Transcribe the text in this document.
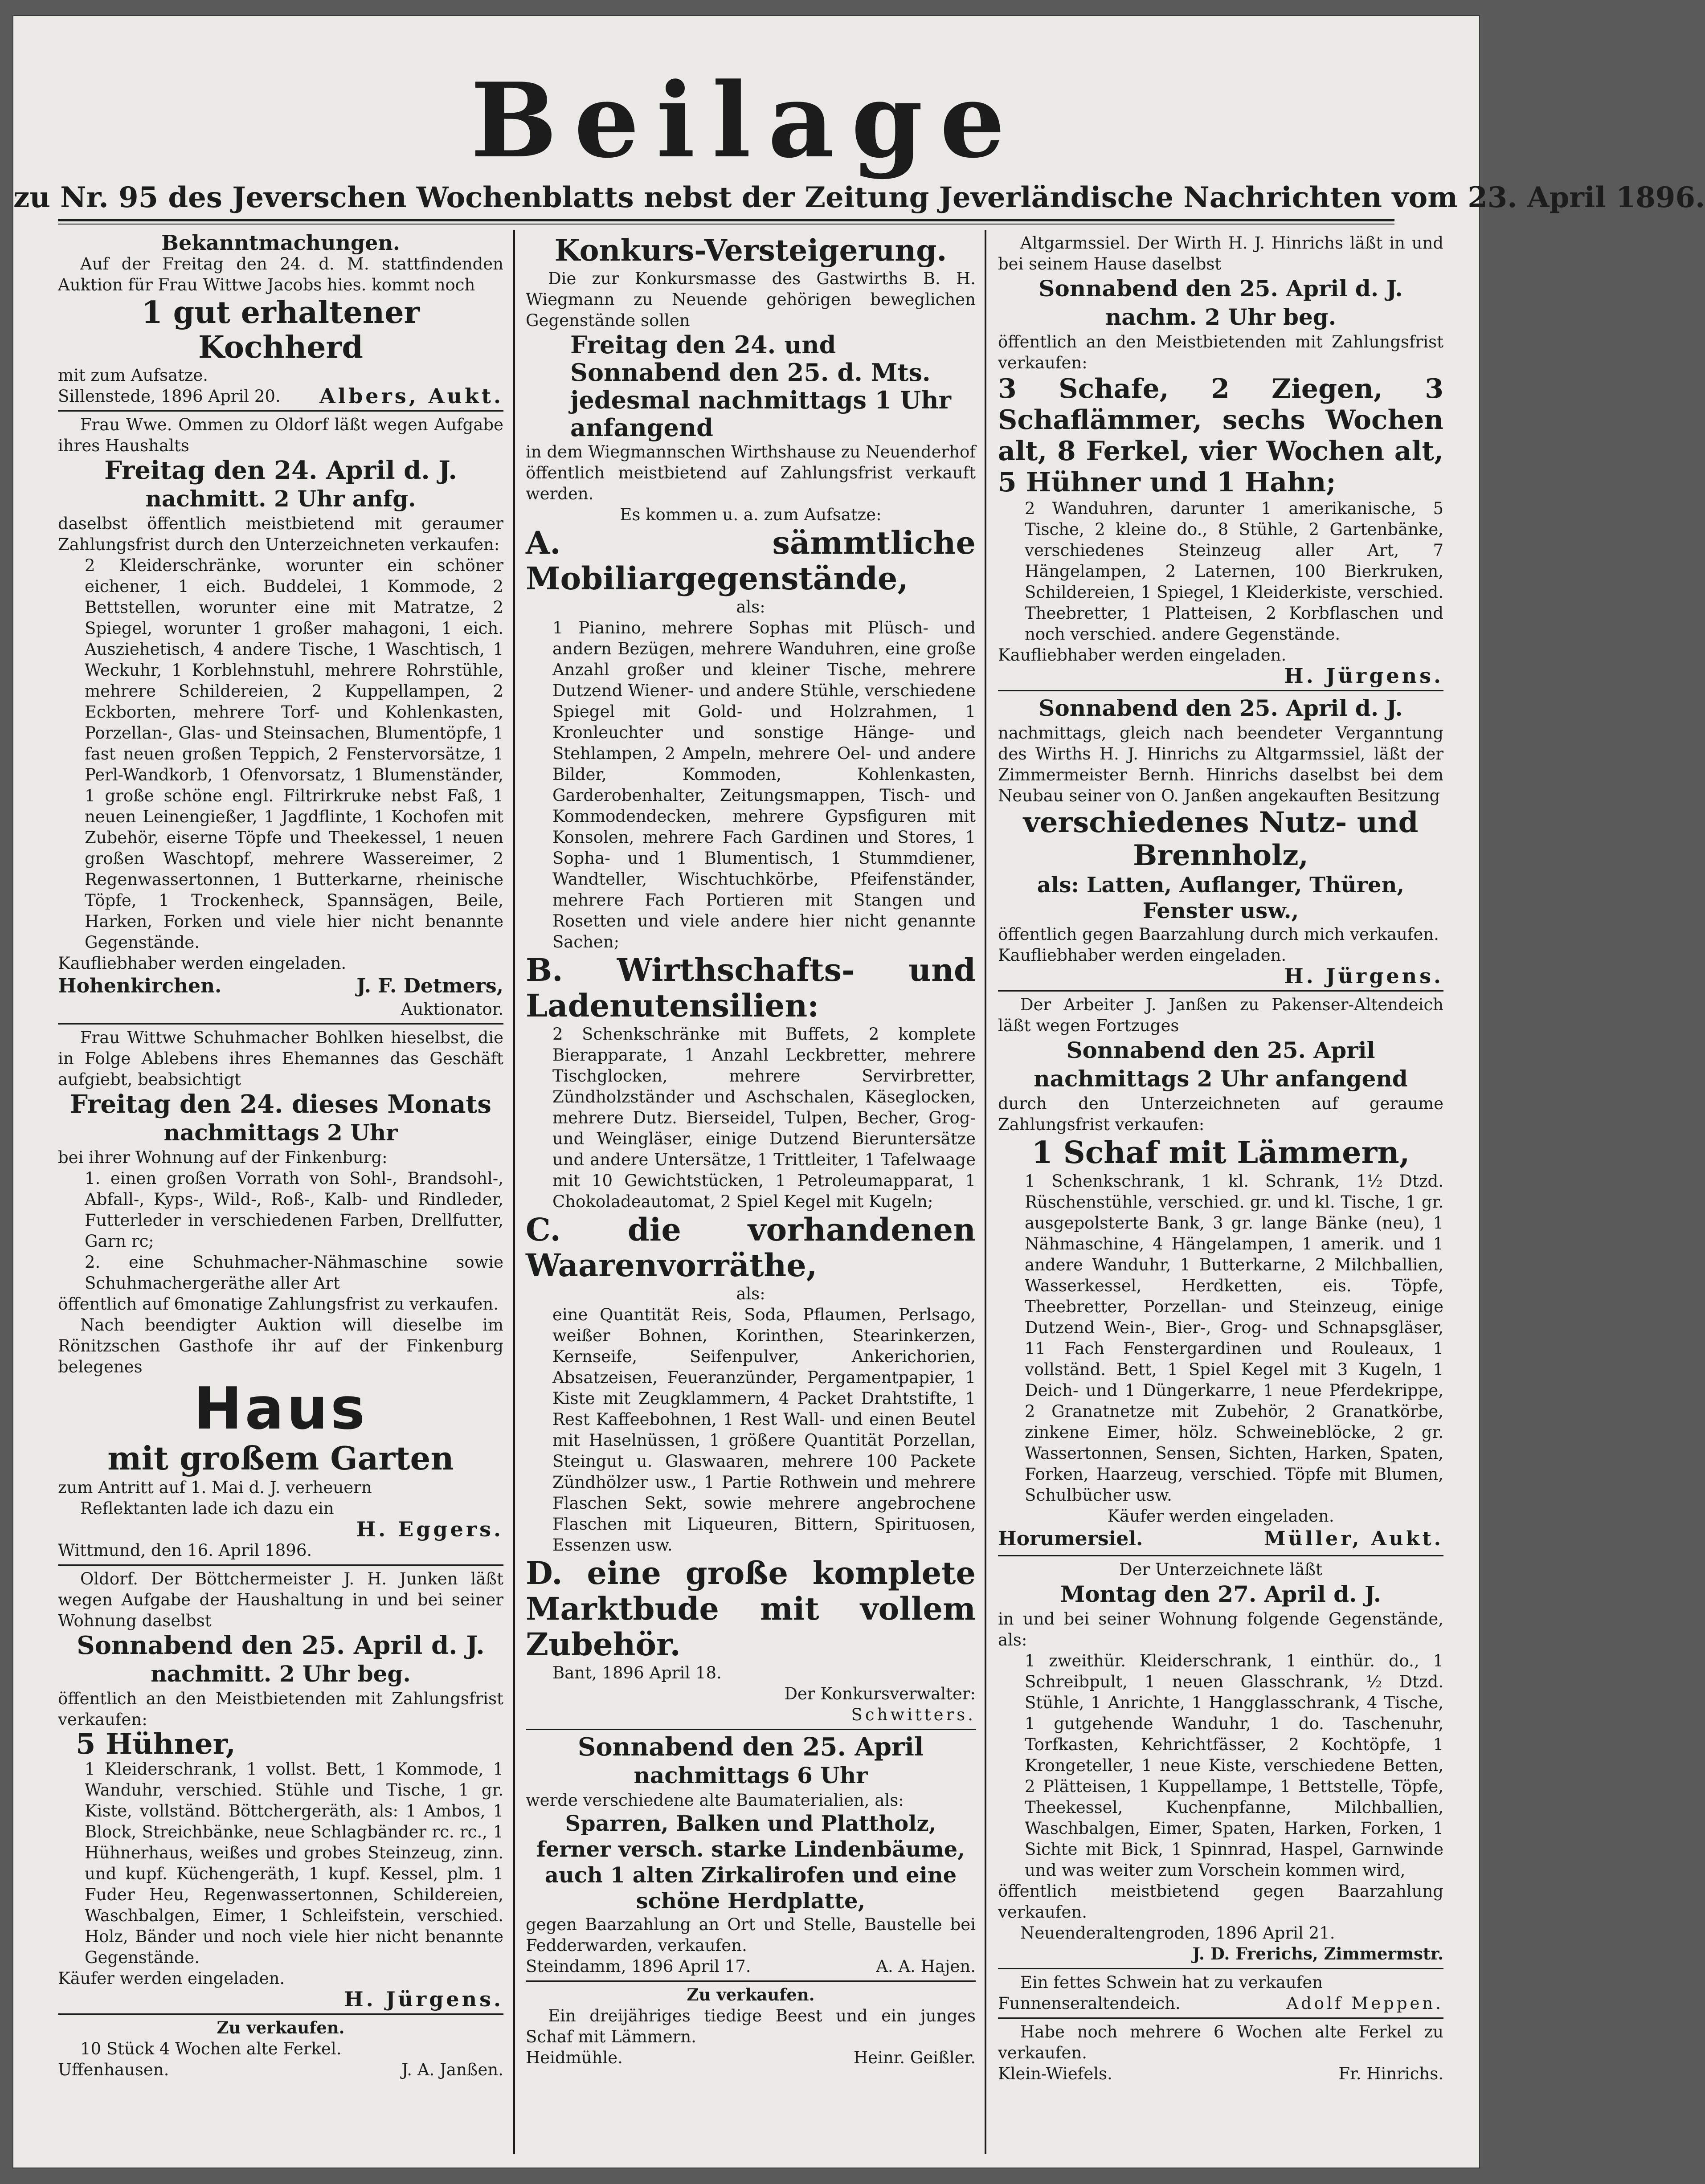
Beilage
zu Nr. 95 des Jeverschen Wochenblatts nebst der Zeitung Jeverländische Nachrichten vom 23. April 1896.

Bekanntmachungen.

Auf der Freitag den 24. d. M. stattfindenden Auktion für Frau Wittwe Jacobs hies. kommt noch

1 gut erhaltener Kochherd

mit zum Aufsatze.

Sillenstede, 1896 April 20. Albers, Aukt.

Frau Wwe. Ommen zu Oldorf läßt wegen Aufgabe ihres Haushalts

Freitag den 24. April d. J.

nachmitt. 2 Uhr anfg.

daselbst öffentlich meistbietend mit geraumer Zahlungsfrist durch den Unterzeichneten verkaufen:

2 Kleiderschränke, worunter ein schöner eichener, 1 eich. Buddelei, 1 Kommode, 2 Bettstellen, worunter eine mit Matratze, 2 Spiegel, worunter 1 großer mahagoni, 1 eich. Ausziehetisch, 4 andere Tische, 1 Waschtisch, 1 Weckuhr, 1 Korblehnstuhl, mehrere Rohrstühle, mehrere Schildereien, 2 Kuppellampen, 2 Eckborten, mehrere Torf- und Kohlenkasten, Porzellan-, Glas- und Steinsachen, Blumentöpfe, 1 fast neuen großen Teppich, 2 Fenstervorsätze, 1 Perl-Wandkorb, 1 Ofenvorsatz, 1 Blumenständer, 1 große schöne engl. Filtrirkruke nebst Faß, 1 neuen Leinengießer, 1 Jagdflinte, 1 Kochofen mit Zubehör, eiserne Töpfe und Theekessel, 1 neuen großen Waschtopf, mehrere Wassereimer, 2 Regenwassertonnen, 1 Butterkarne, rheinische Töpfe, 1 Trockenheck, Spannsägen, Beile, Harken, Forken und viele hier nicht benannte Gegenstände.

Kaufliebhaber werden eingeladen.

Hohenkirchen.	J. F. Detmers,

Auktionator.

Frau Wittwe Schuhmacher Bohlken hieselbst, die in Folge Ablebens ihres Ehemannes das Geschäft aufgiebt, beabsichtigt

Freitag den 24. dieses Monats

nachmittags 2 Uhr

bei ihrer Wohnung auf der Finkenburg:

1. einen großen Vorrath von Sohl-, Brandsohl-, Abfall-, Kyps-, Wild-, Roß-, Kalb- und Rindleder, Futterleder in verschiedenen Farben, Drellfutter, Garn rc;

2. eine Schuhmacher-Nähmaschine sowie Schuhmachergeräthe aller Art

öffentlich auf 6monatige Zahlungsfrist zu verkaufen.

Nach beendigter Auktion will dieselbe im Rönitzschen Gasthofe ihr auf der Finkenburg belegenes

Haus

mit großem Garten

zum Antritt auf 1. Mai d. J. verheuern

Reflektanten lade ich dazu ein

H. Eggers.

Wittmund, den 16. April 1896.

Oldorf. Der Böttchermeister J. H. Junken läßt wegen Aufgabe der Haushaltung in und bei seiner Wohnung daselbst

Sonnabend den 25. April d. J.

nachmitt. 2 Uhr beg.

öffentlich an den Meistbietenden mit Zahlungsfrist verkaufen:

5 Hühner,

1 Kleiderschrank, 1 vollst. Bett, 1 Kommode, 1 Wanduhr, verschied. Stühle und Tische, 1 gr. Kiste, vollständ. Böttchergeräth, als: 1 Ambos, 1 Block, Streichbänke, neue Schlagbänder rc. rc., 1 Hühnerhaus, weißes und grobes Steinzeug, zinn. und kupf. Küchengeräth, 1 kupf. Kessel, plm. 1 Fuder Heu, Regenwassertonnen, Schildereien, Waschbalgen, Eimer, 1 Schleifstein, verschied. Holz, Bänder und noch viele hier nicht benannte Gegenstände.

Käufer werden eingeladen.

H. Jürgens.

Zu verkaufen.

10 Stück 4 Wochen alte Ferkel.

Uffenhausen.	J. A. Janßen.

Konkurs-Versteigerung.

Die zur Konkursmasse des Gastwirths B. H. Wiegmann zu Neuende gehörigen beweglichen Gegenstände sollen

Freitag den 24. und Sonnabend den 25. d. Mts. jedesmal nachmittags 1 Uhr anfangend

in dem Wiegmannschen Wirthshause zu Neuenderhof öffentlich meistbietend auf Zahlungsfrist verkauft werden.

Es kommen u. a. zum Aufsatze:

A. sämmtliche Mobiliargegenstände,

als:

1 Pianino, mehrere Sophas mit Plüsch- und andern Bezügen, mehrere Wanduhren, eine große Anzahl großer und kleiner Tische, mehrere Dutzend Wiener- und andere Stühle, verschiedene Spiegel mit Gold- und Holzrahmen, 1 Kronleuchter und sonstige Hänge- und Stehlampen, 2 Ampeln, mehrere Oel- und andere Bilder, Kommoden, Kohlenkasten, Garderobenhalter, Zeitungsmappen, Tisch- und Kommodendecken, mehrere Gypsfiguren mit Konsolen, mehrere Fach Gardinen und Stores, 1 Sopha- und 1 Blumentisch, 1 Stummdiener, Wandteller, Wischtuchkörbe, Pfeifenständer, mehrere Fach Portieren mit Stangen und Rosetten und viele andere hier nicht genannte Sachen;

B. Wirthschafts- und Ladenutensilien:

2 Schenkschränke mit Buffets, 2 komplete Bierapparate, 1 Anzahl Leckbretter, mehrere Tischglocken, mehrere Servirbretter, Zündholzständer und Aschschalen, Käseglocken, mehrere Dutz. Bierseidel, Tulpen, Becher, Grog- und Weingläser, einige Dutzend Bieruntersätze und andere Untersätze, 1 Trittleiter, 1 Tafelwaage mit 10 Gewichtstücken, 1 Petroleumapparat, 1 Chokoladeautomat, 2 Spiel Kegel mit Kugeln;

C. die vorhandenen Waarenvorräthe,

als:

eine Quantität Reis, Soda, Pflaumen, Perlsago, weißer Bohnen, Korinthen, Stearinkerzen, Kernseife, Seifenpulver, Ankerichorien, Absatzeisen, Feueranzünder, Pergamentpapier, 1 Kiste mit Zeugklammern, 4 Packet Drahtstifte, 1 Rest Kaffeebohnen, 1 Rest Wall- und einen Beutel mit Haselnüssen, 1 größere Quantität Porzellan, Steingut u. Glaswaaren, mehrere 100 Packete Zündhölzer usw., 1 Partie Rothwein und mehrere Flaschen Sekt, sowie mehrere angebrochene Flaschen mit Liqueuren, Bittern, Spirituosen, Essenzen usw.

D. eine große komplete Marktbude mit vollem Zubehör.

Bant, 1896 April 18.

Der Konkursverwalter:

Schwitters.

Sonnabend den 25. April

nachmittags 6 Uhr

werde verschiedene alte Baumaterialien, als:

Sparren, Balken und Plattholz, ferner versch. starke Lindenbäume, auch 1 alten Zirkalirofen und eine schöne Herdplatte,

gegen Baarzahlung an Ort und Stelle, Baustelle bei Fedderwarden, verkaufen.

Steindamm, 1896 April 17.	A. A. Hajen.

Zu verkaufen.

Ein dreijähriges tiedige Beest und ein junges Schaf mit Lämmern.

Heidmühle.	Heinr. Geißler.

Altgarmssiel. Der Wirth H. J. Hinrichs läßt in und bei seinem Hause daselbst

Sonnabend den 25. April d. J.

nachm. 2 Uhr beg.

öffentlich an den Meistbietenden mit Zahlungsfrist verkaufen:

3 Schafe, 2 Ziegen, 3 Schaflämmer, sechs Wochen alt, 8 Ferkel, vier Wochen alt, 5 Hühner und 1 Hahn;

2 Wanduhren, darunter 1 amerikanische, 5 Tische, 2 kleine do., 8 Stühle, 2 Gartenbänke, verschiedenes Steinzeug aller Art, 7 Hängelampen, 2 Laternen, 100 Bierkruken, Schildereien, 1 Spiegel, 1 Kleiderkiste, verschied. Theebretter, 1 Platteisen, 2 Korbflaschen und noch verschied. andere Gegenstände.

Kaufliebhaber werden eingeladen.

H. Jürgens.

Sonnabend den 25. April d. J.

nachmittags, gleich nach beendeter Verganntung des Wirths H. J. Hinrichs zu Altgarmssiel, läßt der Zimmermeister Bernh. Hinrichs daselbst bei dem Neubau seiner von O. Janßen angekauften Besitzung

verschiedenes Nutz- und Brennholz,

als: Latten, Auflanger, Thüren, Fenster usw.,

öffentlich gegen Baarzahlung durch mich verkaufen.

Kaufliebhaber werden eingeladen.

H. Jürgens.

Der Arbeiter J. Janßen zu Pakenser-Altendeich läßt wegen Fortzuges

Sonnabend den 25. April

nachmittags 2 Uhr anfangend

durch den Unterzeichneten auf geraume Zahlungsfrist verkaufen:

1 Schaf mit Lämmern,

1 Schenkschrank, 1 kl. Schrank, 1½ Dtzd. Rüschenstühle, verschied. gr. und kl. Tische, 1 gr. ausgepolsterte Bank, 3 gr. lange Bänke (neu), 1 Nähmaschine, 4 Hängelampen, 1 amerik. und 1 andere Wanduhr, 1 Butterkarne, 2 Milchballien, Wasserkessel, Herdketten, eis. Töpfe, Theebretter, Porzellan- und Steinzeug, einige Dutzend Wein-, Bier-, Grog- und Schnapsgläser, 11 Fach Fenstergardinen und Rouleaux, 1 vollständ. Bett, 1 Spiel Kegel mit 3 Kugeln, 1 Deich- und 1 Düngerkarre, 1 neue Pferdekrippe, 2 Granatnetze mit Zubehör, 2 Granatkörbe, zinkene Eimer, hölz. Schweineblöcke, 2 gr. Wassertonnen, Sensen, Sichten, Harken, Spaten, Forken, Haarzeug, verschied. Töpfe mit Blumen, Schulbücher usw.

Käufer werden eingeladen.

Horumersiel.	Müller, Aukt.

Der Unterzeichnete läßt

Montag den 27. April d. J.

in und bei seiner Wohnung folgende Gegenstände, als:

1 zweithür. Kleiderschrank, 1 einthür. do., 1 Schreibpult, 1 neuen Glasschrank, ½ Dtzd. Stühle, 1 Anrichte, 1 Hangglasschrank, 4 Tische, 1 gutgehende Wanduhr, 1 do. Taschenuhr, Torfkasten, Kehrichtfässer, 2 Kochtöpfe, 1 Krongeteller, 1 neue Kiste, verschiedene Betten, 2 Plätteisen, 1 Kuppellampe, 1 Bettstelle, Töpfe, Theekessel, Kuchenpfanne, Milchballien, Waschbalgen, Eimer, Spaten, Harken, Forken, 1 Sichte mit Bick, 1 Spinnrad, Haspel, Garnwinde und was weiter zum Vorschein kommen wird,

öffentlich meistbietend gegen Baarzahlung verkaufen.

Neuenderaltengroden, 1896 April 21.

J. D. Frerichs, Zimmermstr.

Ein fettes Schwein hat zu verkaufen

Funnenseraltendeich.	Adolf Meppen.

Habe noch mehrere 6 Wochen alte Ferkel zu verkaufen.

Klein-Wiefels.	Fr. Hinrichs.
